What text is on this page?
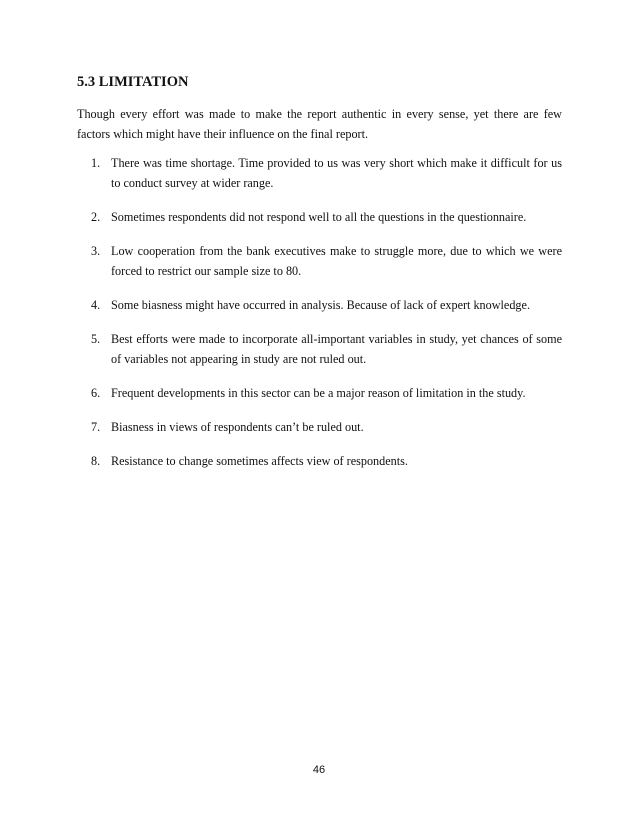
5.3 LIMITATION

Though every effort was made to make the report authentic in every sense, yet there are few factors which might have their influence on the final report.

1. There was time shortage. Time provided to us was very short which make it difficult for us to conduct survey at wider range.
2. Sometimes respondents did not respond well to all the questions in the questionnaire.
3. Low cooperation from the bank executives make to struggle more, due to which we were forced to restrict our sample size to 80.
4. Some biasness might have occurred in analysis. Because of lack of expert knowledge.
5. Best efforts were made to incorporate all-important variables in study, yet chances of some of variables not appearing in study are not ruled out.
6. Frequent developments in this sector can be a major reason of limitation in the study.
7. Biasness in views of respondents can’t be ruled out.
8. Resistance to change sometimes affects view of respondents.
46
